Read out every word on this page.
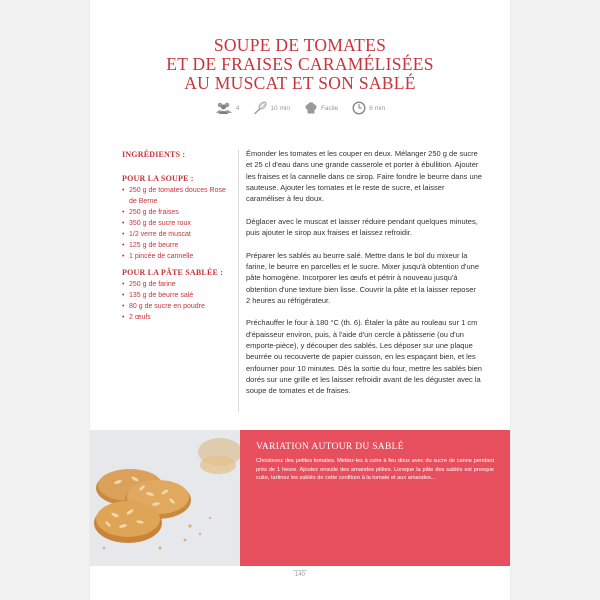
SOUPE DE TOMATES
ET DE FRAISES CARAMÉLISÉES
AU MUSCAT ET SON SABLÉ
4	10 min	Facile	6 min
INGRÉDIENTS :
POUR LA SOUPE :
• 250 g de tomates douces Rose de Berne
• 250 g de fraises
• 350 g de sucre roux
• 1/2 verre de muscat
• 125 g de beurre
• 1 pincée de cannelle
POUR LA PÂTE SABLÉE :
• 250 g de farine
• 135 g de beurre salé
• 80 g de sucre en poudre
• 2 œufs

Émonder les tomates et les couper en deux. Mélanger 250 g de sucre et 25 cl d'eau dans une grande casserole et porter à ébullition. Ajouter les fraises et la cannelle dans ce sirop. Faire fondre le beurre dans une sauteuse. Ajouter les tomates et le reste de sucre, et laisser caraméliser à feu doux.

Déglacer avec le muscat et laisser réduire pendant quelques minutes, puis ajouter le sirop aux fraises et laissez refroidir.

Préparer les sablés au beurre salé. Mettre dans le bol du mixeur la farine, le beurre en parcelles et le sucre. Mixer jusqu'à obtention d'une pâte homogène. Incorporer les œufs et pétrir à nouveau jusqu'à obtention d'une texture bien lisse. Couvrir la pâte et la laisser reposer 2 heures au réfrigérateur.

Préchauffer le four à 180 °C (th. 6). Étaler la pâte au rouleau sur 1 cm d'épaisseur environ, puis, à l'aide d'un cercle à pâtisserie (ou d'un emporte-pièce), y découper des sablés. Les déposer sur une plaque beurrée ou recouverte de papier cuisson, en les espaçant bien, et les enfourner pour 10 minutes. Dès la sortie du four, mettre les sablés bien dorés sur une grille et les laisser refroidir avant de les déguster avec la soupe de tomates et de fraises.

VARIATION AUTOUR DU SABLÉ
Choisissez des petites tomates. Mettez-les à cuire à feu doux avec du sucre de canne pendant près de 1 heure. Ajoutez ensuite des amandes pilées. Lorsque la pâte des sablés est presque cuite, tartinez les sablés de cette confiture à la tomate et aux amandes...
140
